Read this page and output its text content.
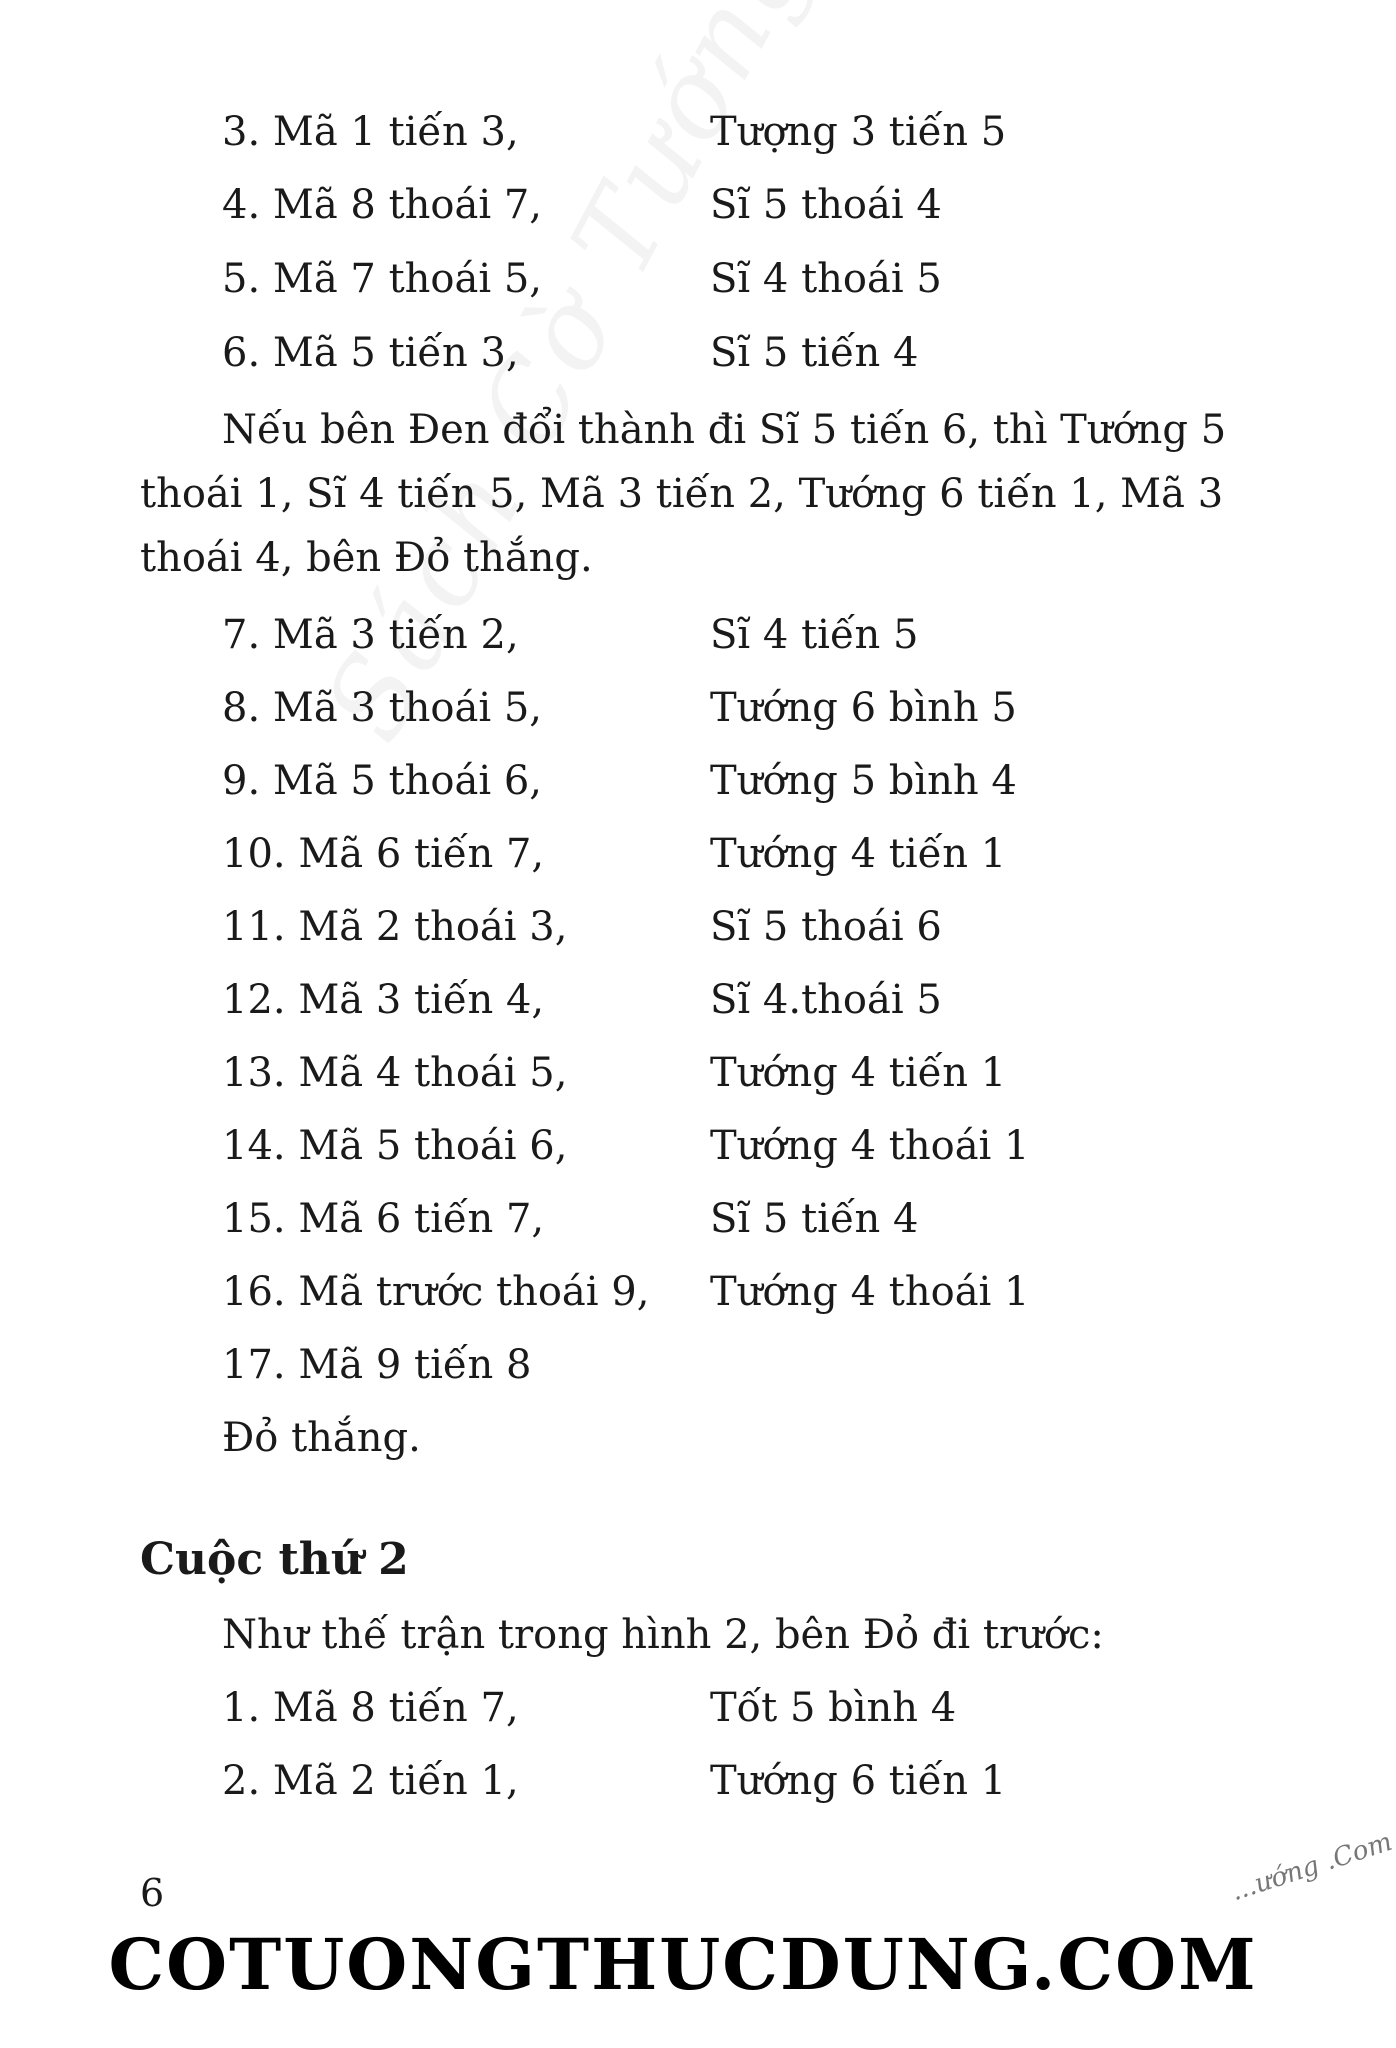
3. Mã 1 tiến 3,	Tượng 3 tiến 5
4. Mã 8 thoái 7,	Sĩ 5 thoái 4
5. Mã 7 thoái 5,	Sĩ 4 thoái 5
6. Mã 5 tiến 3,	Sĩ 5 tiến 4
Nếu bên Đen đổi thành đi Sĩ 5 tiến 6, thì Tướng 5 thoái 1, Sĩ 4 tiến 5, Mã 3 tiến 2, Tướng 6 tiến 1, Mã 3 thoái 4, bên Đỏ thắng.
7. Mã 3 tiến 2,	Sĩ 4 tiến 5
8. Mã 3 thoái 5,	Tướng 6 bình 5
9. Mã 5 thoái 6,	Tướng 5 bình 4
10. Mã 6 tiến 7,	Tướng 4 tiến 1
11. Mã 2 thoái 3,	Sĩ 5 thoái 6
12. Mã 3 tiến 4,	Sĩ 4.thoái 5
13. Mã 4 thoái 5,	Tướng 4 tiến 1
14. Mã 5 thoái 6,	Tướng 4 thoái 1
15. Mã 6 tiến 7,	Sĩ 5 tiến 4
16. Mã trước thoái 9, Tướng 4 thoái 1
17. Mã 9 tiến 8
Đỏ thắng.
Cuộc thứ 2
Như thế trận trong hình 2, bên Đỏ đi trước:
1. Mã 8 tiến 7,	Tốt 5 bình 4
2. Mã 2 tiến 1,	Tướng 6 tiến 1
6	...ướng .Com
COTUONGTHUCDUNG.COM
